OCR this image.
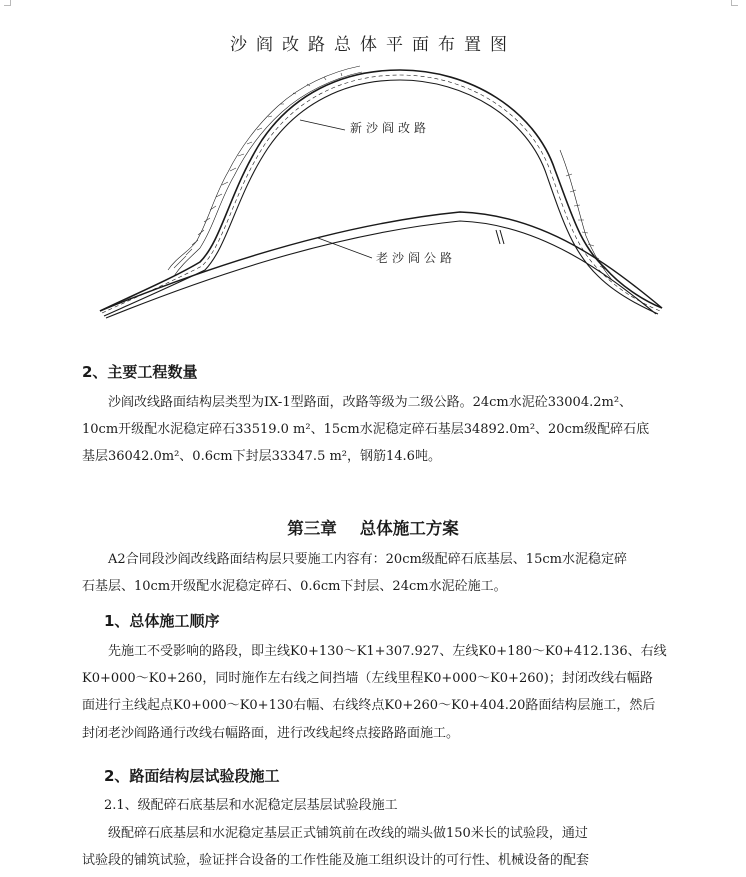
沙阎改路总体平面布置图
新沙阎改路
老沙阎公路
2、主要工程数量
沙阎改线路面结构层类型为IX-1型路面，改路等级为二级公路。24cm水泥砼33004.2m²、
10cm开级配水泥稳定碎石33519.0 m²、15cm水泥稳定碎石基层34892.0m²、20cm级配碎石底
基层36042.0m²、0.6cm下封层33347.5 m²，钢筋14.6吨。
第三章    总体施工方案
A2合同段沙阎改线路面结构层只要施工内容有：20cm级配碎石底基层、15cm水泥稳定碎
石基层、10cm开级配水泥稳定碎石、0.6cm下封层、24cm水泥砼施工。
1、总体施工顺序
先施工不受影响的路段，即主线K0+130～K1+307.927、左线K0+180～K0+412.136、右线
K0+000～K0+260，同时施作左右线之间挡墙（左线里程K0+000～K0+260)；封闭改线右幅路
面进行主线起点K0+000～K0+130右幅、右线终点K0+260～K0+404.20路面结构层施工，然后
封闭老沙阎路通行改线右幅路面，进行改线起终点接路路面施工。
2、路面结构层试验段施工
2.1、级配碎石底基层和水泥稳定层基层试验段施工
级配碎石底基层和水泥稳定基层正式铺筑前在改线的端头做150米长的试验段，通过
试验段的铺筑试验，验证拌合设备的工作性能及施工组织设计的可行性、机械设备的配套
